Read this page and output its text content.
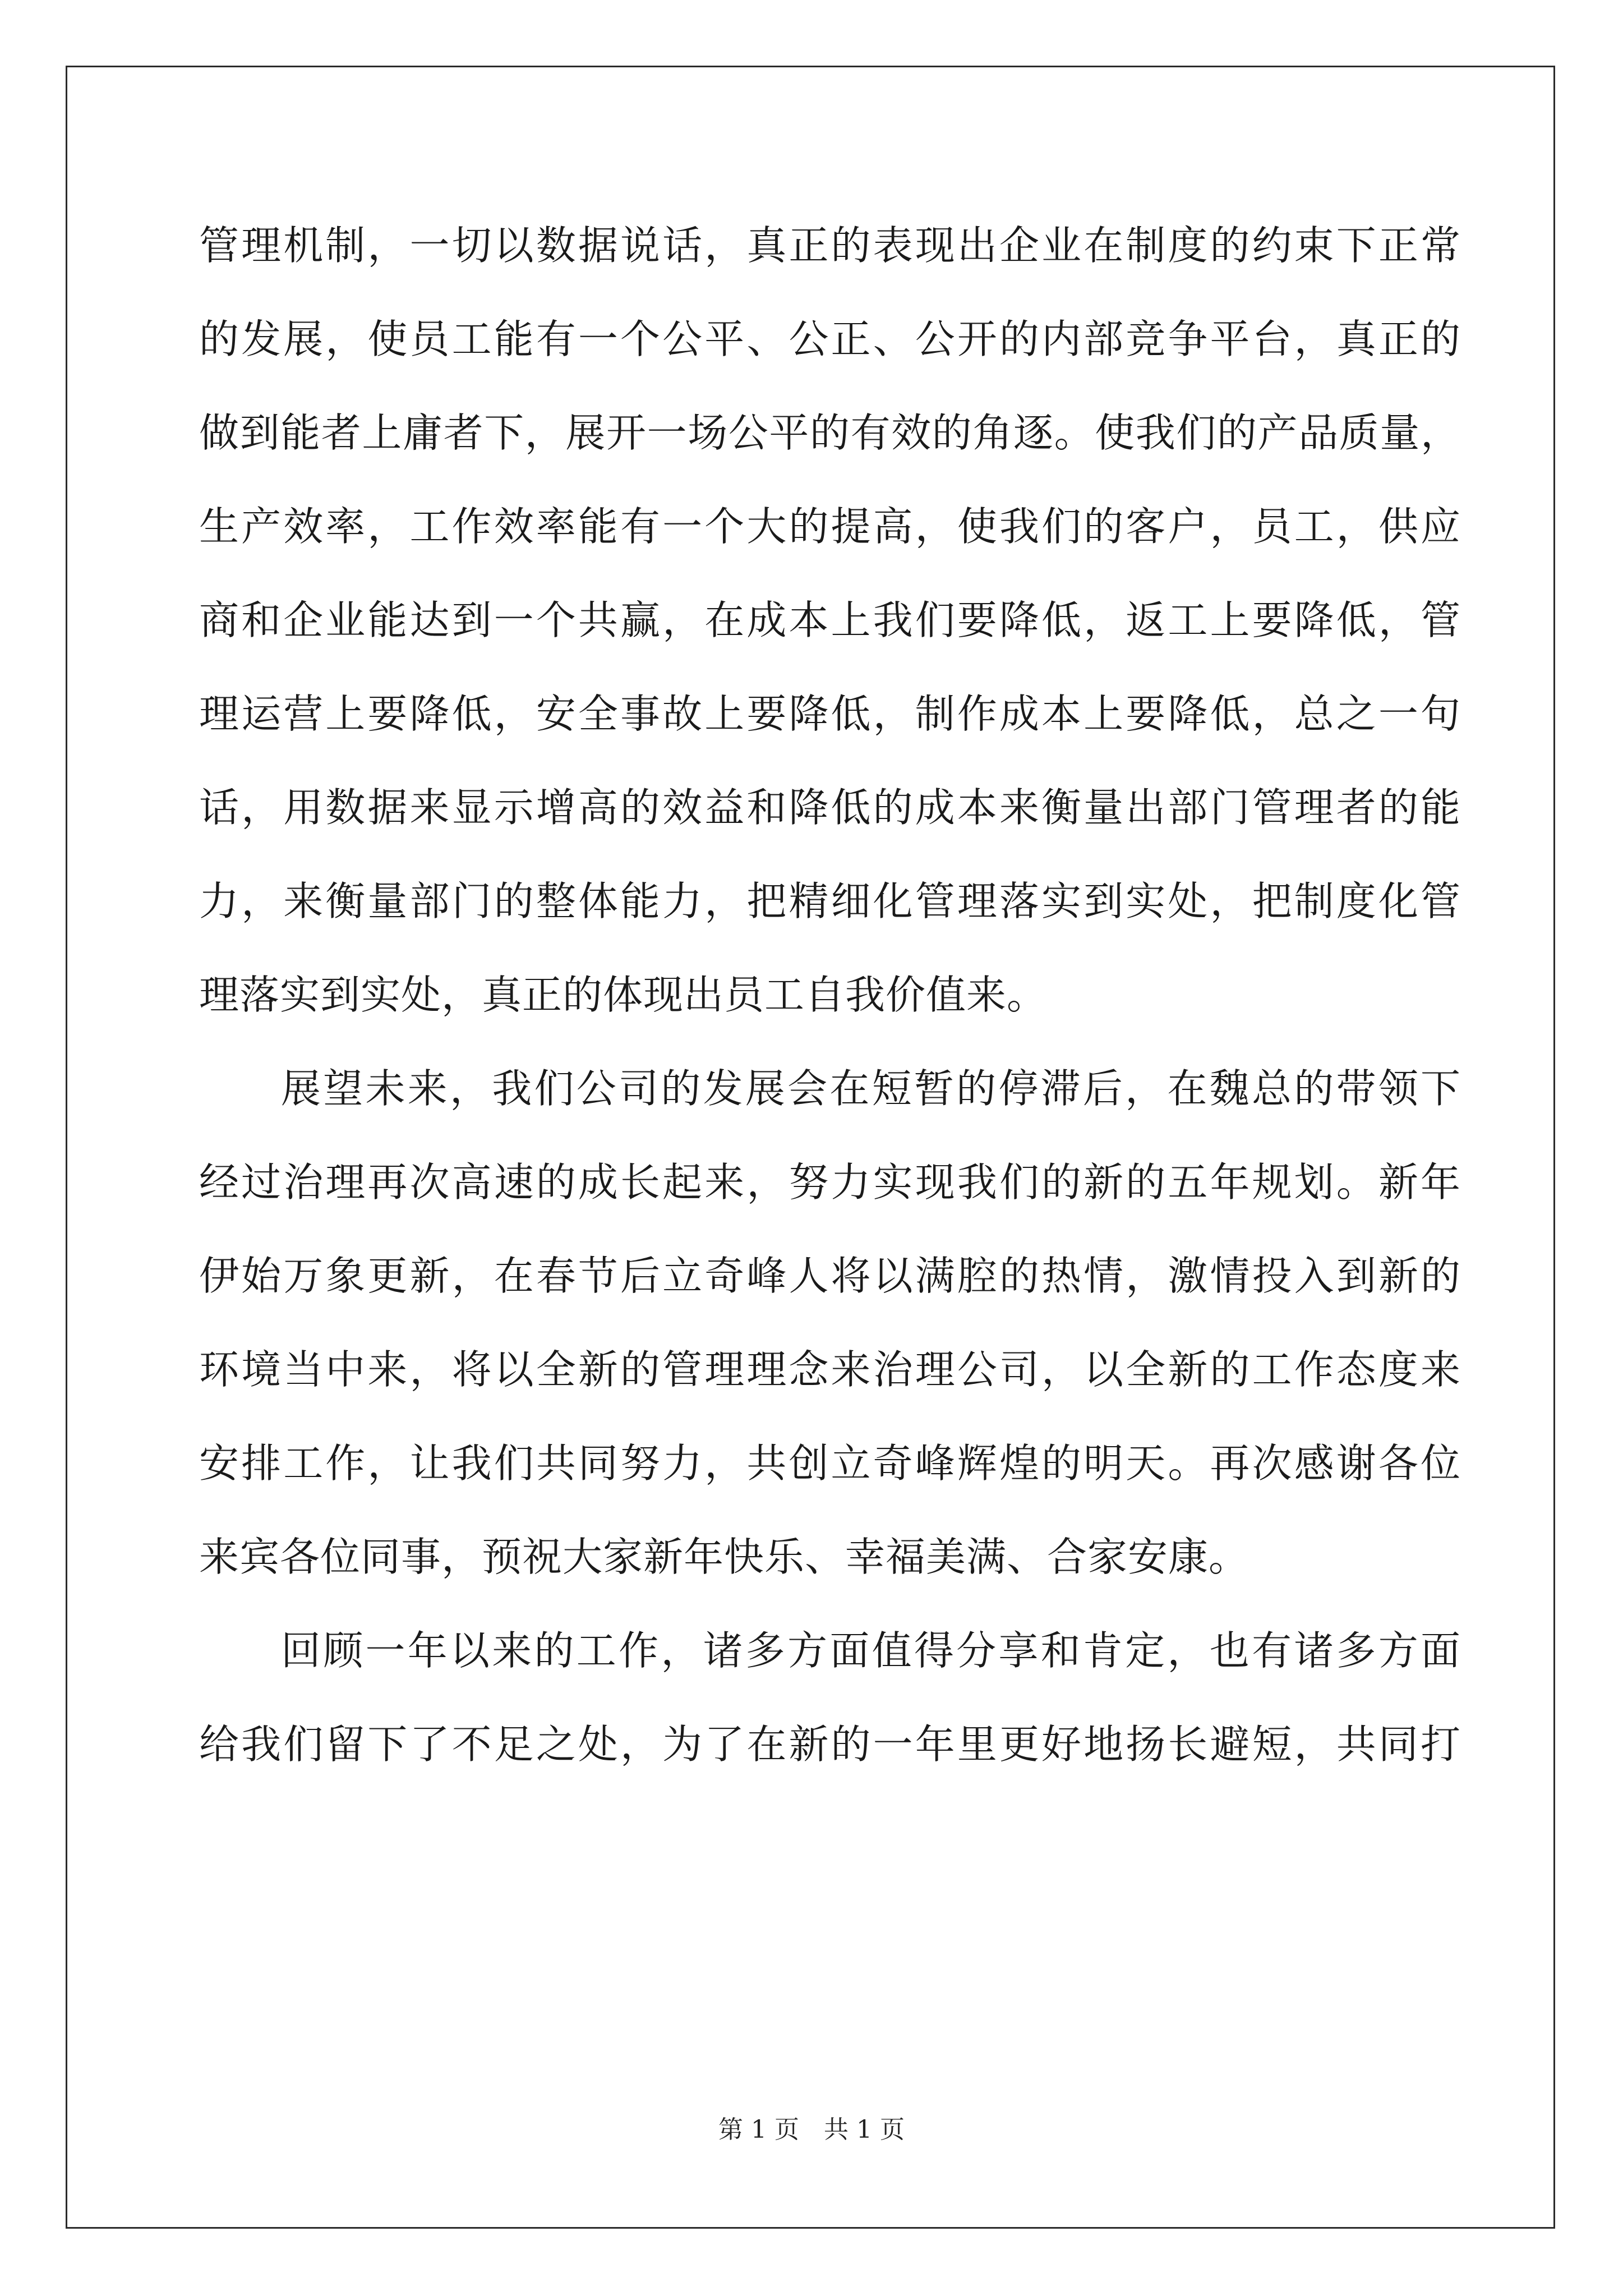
管理机制，一切以数据说话，真正的表现出企业在制度的约束下正常
的发展，使员工能有一个公平、公正、公开的内部竞争平台，真正的
做到能者上庸者下，展开一场公平的有效的角逐。使我们的产品质量，
生产效率，工作效率能有一个大的提高，使我们的客户，员工，供应
商和企业能达到一个共赢，在成本上我们要降低，返工上要降低，管
理运营上要降低，安全事故上要降低，制作成本上要降低，总之一句
话，用数据来显示增高的效益和降低的成本来衡量出部门管理者的能
力，来衡量部门的整体能力，把精细化管理落实到实处，把制度化管
理落实到实处，真正的体现出员工自我价值来。
展望未来，我们公司的发展会在短暂的停滞后，在魏总的带领下
经过治理再次高速的成长起来，努力实现我们的新的五年规划。新年
伊始万象更新，在春节后立奇峰人将以满腔的热情，激情投入到新的
环境当中来，将以全新的管理理念来治理公司，以全新的工作态度来
安排工作，让我们共同努力，共创立奇峰辉煌的明天。再次感谢各位
来宾各位同事，预祝大家新年快乐、幸福美满、合家安康。
回顾一年以来的工作，诸多方面值得分享和肯定，也有诸多方面
给我们留下了不足之处，为了在新的一年里更好地扬长避短，共同打
第 1 页　共 1 页
